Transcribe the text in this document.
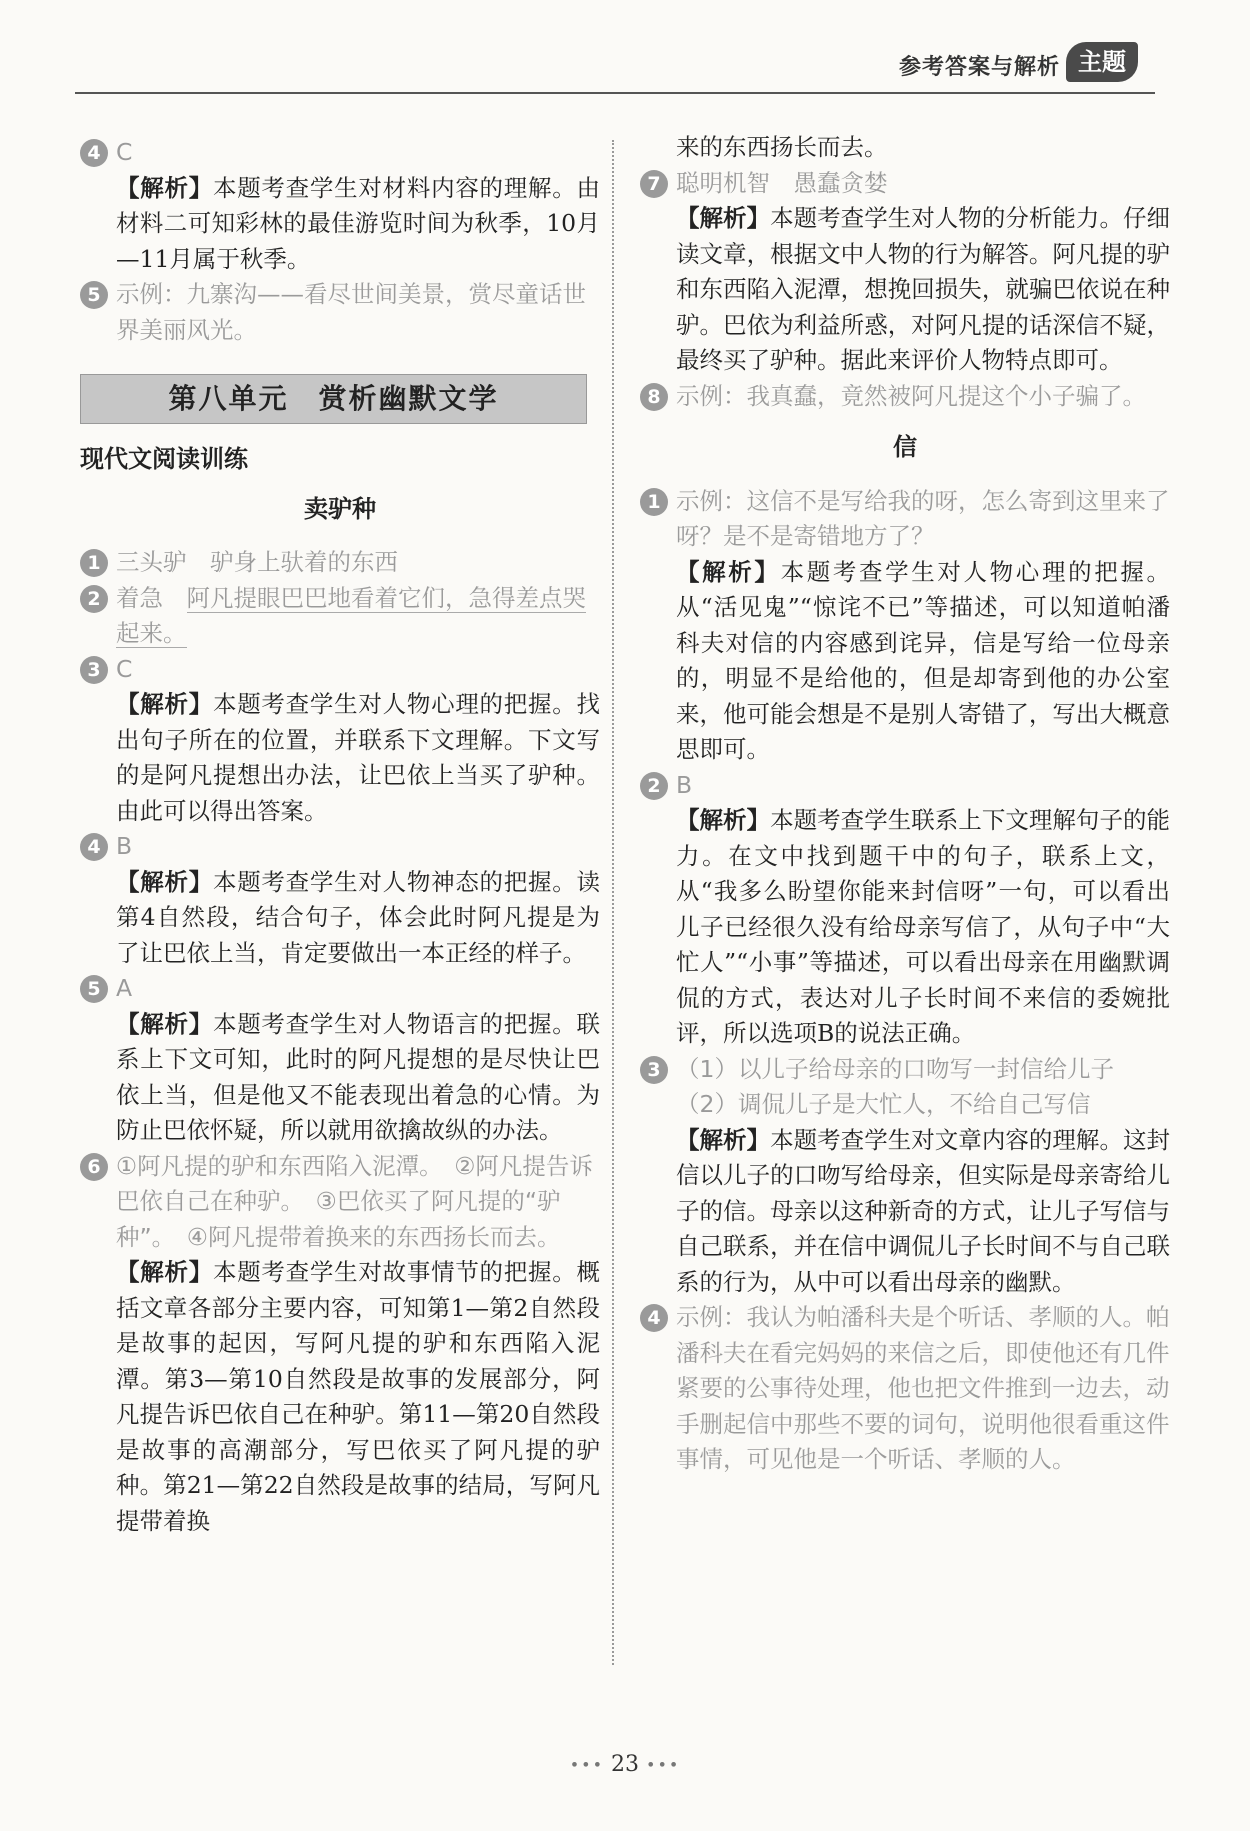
参考答案与解析 主题
4 C

【解析】本题考查学生对材料内容的理解。由材料二可知彩林的最佳游览时间为秋季，10月—11月属于秋季。

5 示例：九寨沟——看尽世间美景，赏尽童话世界美丽风光。
第八单元　赏析幽默文学
现代文阅读训练
卖驴种
1 三头驴　驴身上驮着的东西
2 着急　 阿凡提眼巴巴地看着它们，急得差点哭起来。
3 C

【解析】本题考查学生对人物心理的把握。找出句子所在的位置，并联系下文理解。下文写的是阿凡提想出办法，让巴依上当买了驴种。由此可以得出答案。

4 B

【解析】本题考查学生对人物神态的把握。读第4自然段，结合句子，体会此时阿凡提是为了让巴依上当，肯定要做出一本正经的样子。

5 A

【解析】本题考查学生对人物语言的把握。联系上下文可知，此时的阿凡提想的是尽快让巴依上当，但是他又不能表现出着急的心情。为防止巴依怀疑，所以就用欲擒故纵的办法。

6 ①阿凡提的驴和东西陷入泥潭。　②阿凡提告诉巴依自己在种驴。　③巴依买了阿凡提的“驴种”。　④阿凡提带着换来的东西扬长而去。

【解析】本题考查学生对故事情节的把握。概括文章各部分主要内容，可知第1—第2自然段是故事的起因，写阿凡提的驴和东西陷入泥潭。第3—第10自然段是故事的发展部分，阿凡提告诉巴依自己在种驴。第11—第20自然段是故事的高潮部分，写巴依买了阿凡提的驴种。第21—第22自然段是故事的结局，写阿凡提带着换

来的东西扬长而去。

7 聪明机智　愚蠢贪婪

【解析】本题考查学生对人物的分析能力。仔细读文章，根据文中人物的行为解答。阿凡提的驴和东西陷入泥潭，想挽回损失，就骗巴依说在种驴。巴依为利益所惑，对阿凡提的话深信不疑，最终买了驴种。据此来评价人物特点即可。

8 示例：我真蠢，竟然被阿凡提这个小子骗了。
信
1 示例：这信不是写给我的呀，怎么寄到这里来了呀？是不是寄错地方了？

【解析】本题考查学生对人物心理的把握。从“活见鬼”“惊诧不已”等描述，可以知道帕潘科夫对信的内容感到诧异，信是写给一位母亲的，明显不是给他的，但是却寄到他的办公室来，他可能会想是不是别人寄错了，写出大概意思即可。

2 B

【解析】本题考查学生联系上下文理解句子的能力。在文中找到题干中的句子，联系上文，从“我多么盼望你能来封信呀”一句，可以看出儿子已经很久没有给母亲写信了，从句子中“大忙人”“小事”等描述，可以看出母亲在用幽默调侃的方式，表达对儿子长时间不来信的委婉批评，所以选项B的说法正确。

3 （1）以儿子给母亲的口吻写一封信给儿子
（2）调侃儿子是大忙人，不给自己写信

【解析】本题考查学生对文章内容的理解。这封信以儿子的口吻写给母亲，但实际是母亲寄给儿子的信。母亲以这种新奇的方式，让儿子写信与自己联系，并在信中调侃儿子长时间不与自己联系的行为，从中可以看出母亲的幽默。

4 示例：我认为帕潘科夫是个听话、孝顺的人。帕潘科夫在看完妈妈的来信之后，即使他还有几件紧要的公事待处理，他也把文件推到一边去，动手删起信中那些不要的词句，说明他很看重这件事情，可见他是一个听话、孝顺的人。
••• 23 •••
